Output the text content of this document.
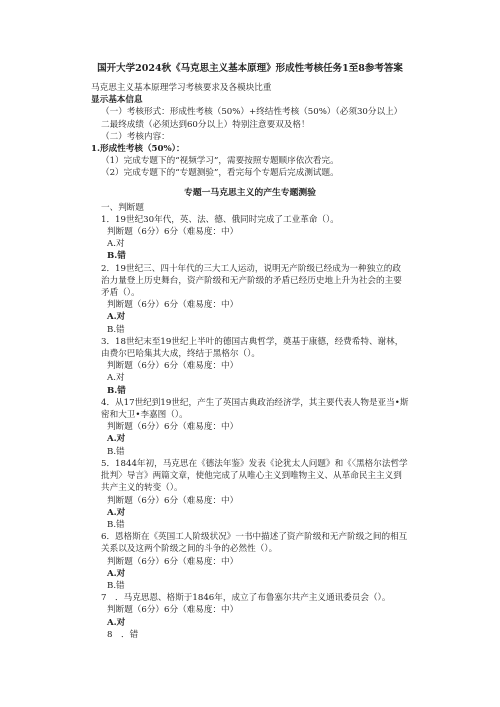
国开大学2024秋《马克思主义基本原理》形成性考核任务1至8参考答案
马克思主义基本原理学习考核要求及各模块比重
显示基本信息
（一）考核形式：形成性考核（50%）+终结性考核（50%）（必须30分以上）二最终成绩（必须达到60分以上）特别注意要双及格！
（二）考核内容：
1.形成性考核（50%）：
（1）完成专题下的“视频学习”，需要按照专题顺序依次看完。
（2）完成专题下的“专题测验”，看完每个专题后完成测试题。
专题一马克思主义的产生专题测验
一、判断题
1．19世纪30年代，英、法、德、俄同时完成了工业革命（）。
判断题（6分）6分（难易度：中）
A.对
B.错
2．19世纪三、四十年代的三大工人运动，说明无产阶级已经成为一种独立的政治力量登上历史舞台，资产阶级和无产阶级的矛盾已经历史地上升为社会的主要矛盾（）。
判断题（6分）6分（难易度：中）
A.对
B.错
3．18世纪末至19世纪上半叶的德国古典哲学，奠基于康德，经费希特、谢林，由费尔巴哈集其大成，终结于黑格尔（）。
判断题（6分）6分（难易度：中）
A.对
B.错
4．从17世纪到19世纪，产生了英国古典政治经济学，其主要代表人物是亚当•斯密和大卫•李嘉图（）。
判断题（6分）6分（难易度：中）
A.对
B.错
5．1844年初，马克思在《德法年鉴》发表《论犹太人问题》和《〈黑格尔法哲学批判〉导言》两篇文章，使他完成了从唯心主义到唯物主义、从革命民主主义到共产主义的转变（）。
判断题（6分）6分（难易度：中）
A.对
B.错
6．恩格斯在《英国工人阶级状况》一书中描述了资产阶级和无产阶级之间的相互关系以及这两个阶级之间的斗争的必然性（）。
判断题（6分）6分（难易度：中）
A.对
B.错
7　．马克思恩、格斯于1846年，成立了布鲁塞尔共产主义通讯委员会（）。
判断题（6分）6分（难易度：中）
A.对
8　．错
